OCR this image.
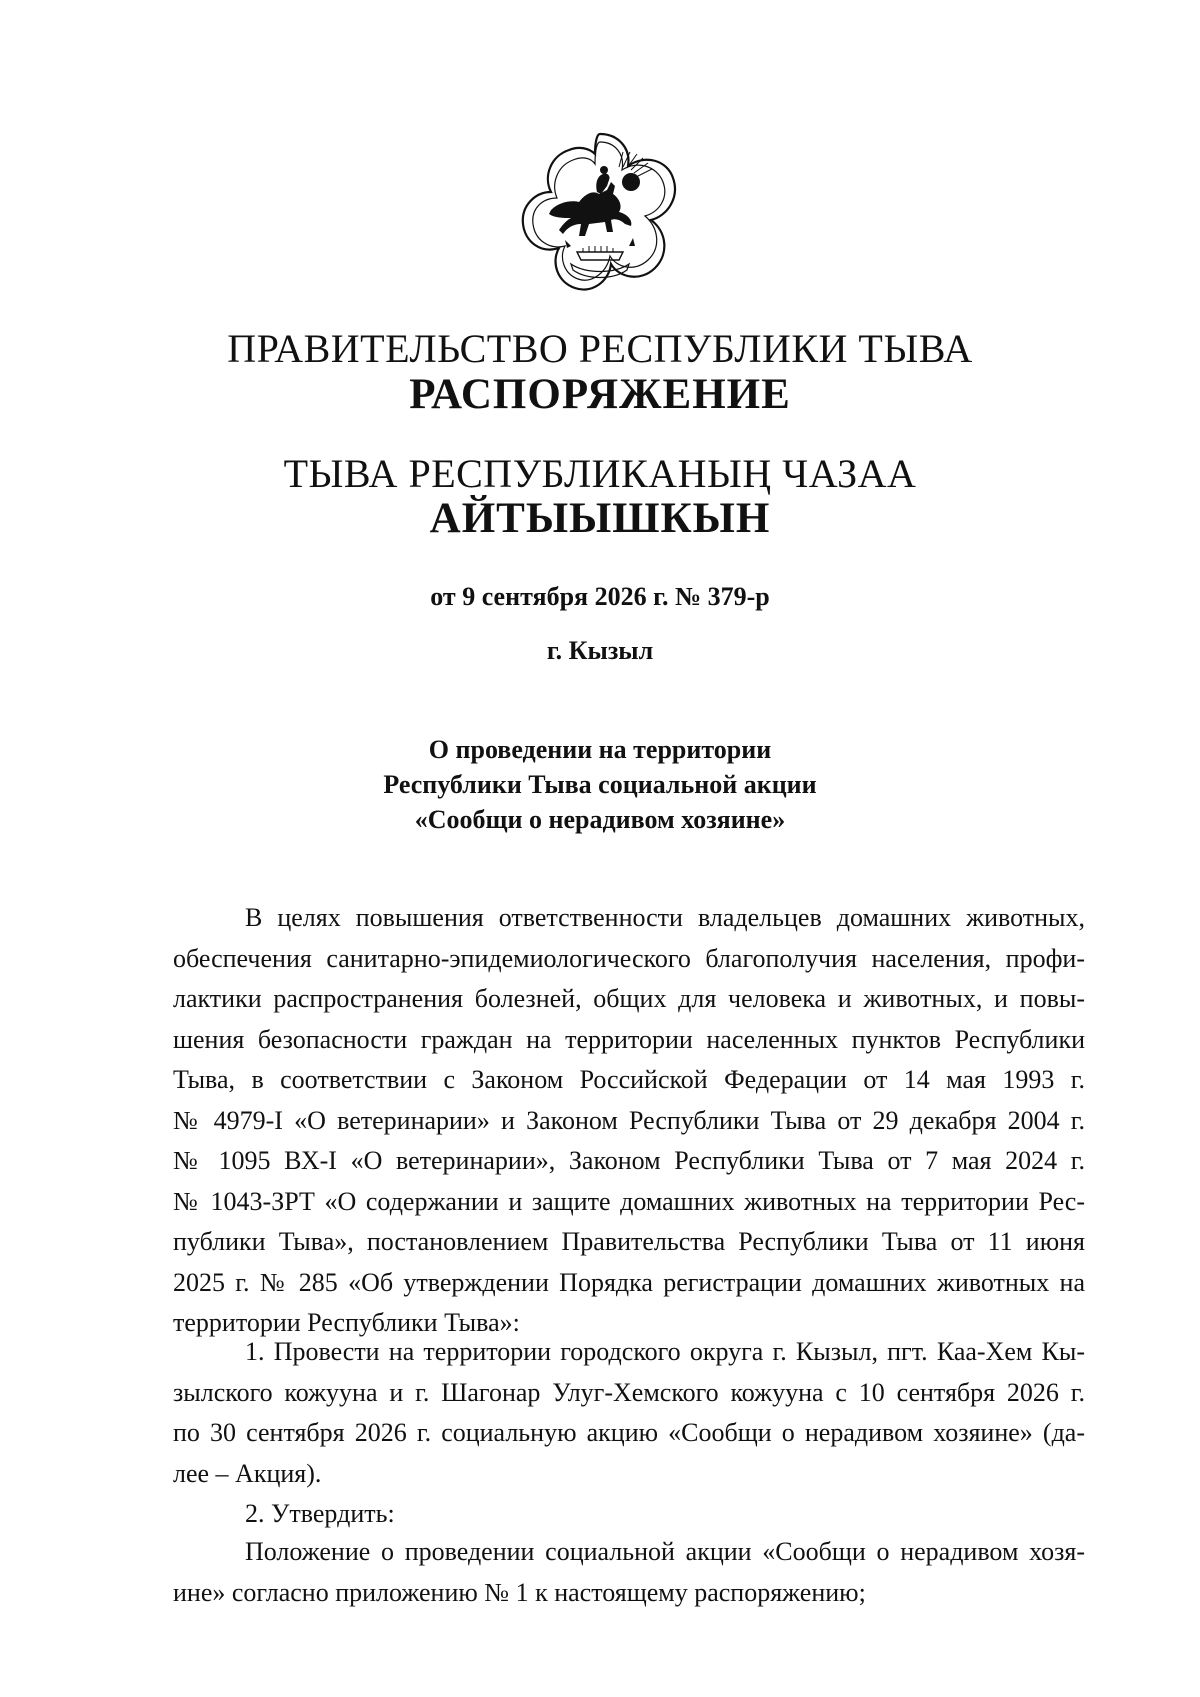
ПРАВИТЕЛЬСТВО РЕСПУБЛИКИ ТЫВА
РАСПОРЯЖЕНИЕ
ТЫВА РЕСПУБЛИКАНЫҢ ЧАЗАА
АЙТЫЫШКЫН
от 9 сентября 2026 г. № 379-р
г. Кызыл
О проведении на территории
Республики Тыва социальной акции
«Сообщи о нерадивом хозяине»
В целях повышения ответственности владельцев домашних животных,
обеспечения санитарно-эпидемиологического благополучия населения, профи-
лактики распространения болезней, общих для человека и животных, и повы-
шения безопасности граждан на территории населенных пунктов Республики
Тыва, в соответствии с Законом Российской Федерации от 14 мая 1993 г.
№ 4979-I «О ветеринарии» и Законом Республики Тыва от 29 декабря 2004 г.
№ 1095 ВХ-I «О ветеринарии», Законом Республики Тыва от 7 мая 2024 г.
№ 1043-ЗРТ «О содержании и защите домашних животных на территории Рес-
публики Тыва», постановлением Правительства Республики Тыва от 11 июня
2025 г. № 285 «Об утверждении Порядка регистрации домашних животных на
территории Республики Тыва»:
1. Провести на территории городского округа г. Кызыл, пгт. Каа-Хем Кы-
зылского кожууна и г. Шагонар Улуг-Хемского кожууна с 10 сентября 2026 г.
по 30 сентября 2026 г. социальную акцию «Сообщи о нерадивом хозяине» (да-
лее – Акция).
2. Утвердить:
Положение о проведении социальной акции «Сообщи о нерадивом хозя-
ине» согласно приложению № 1 к настоящему распоряжению;
